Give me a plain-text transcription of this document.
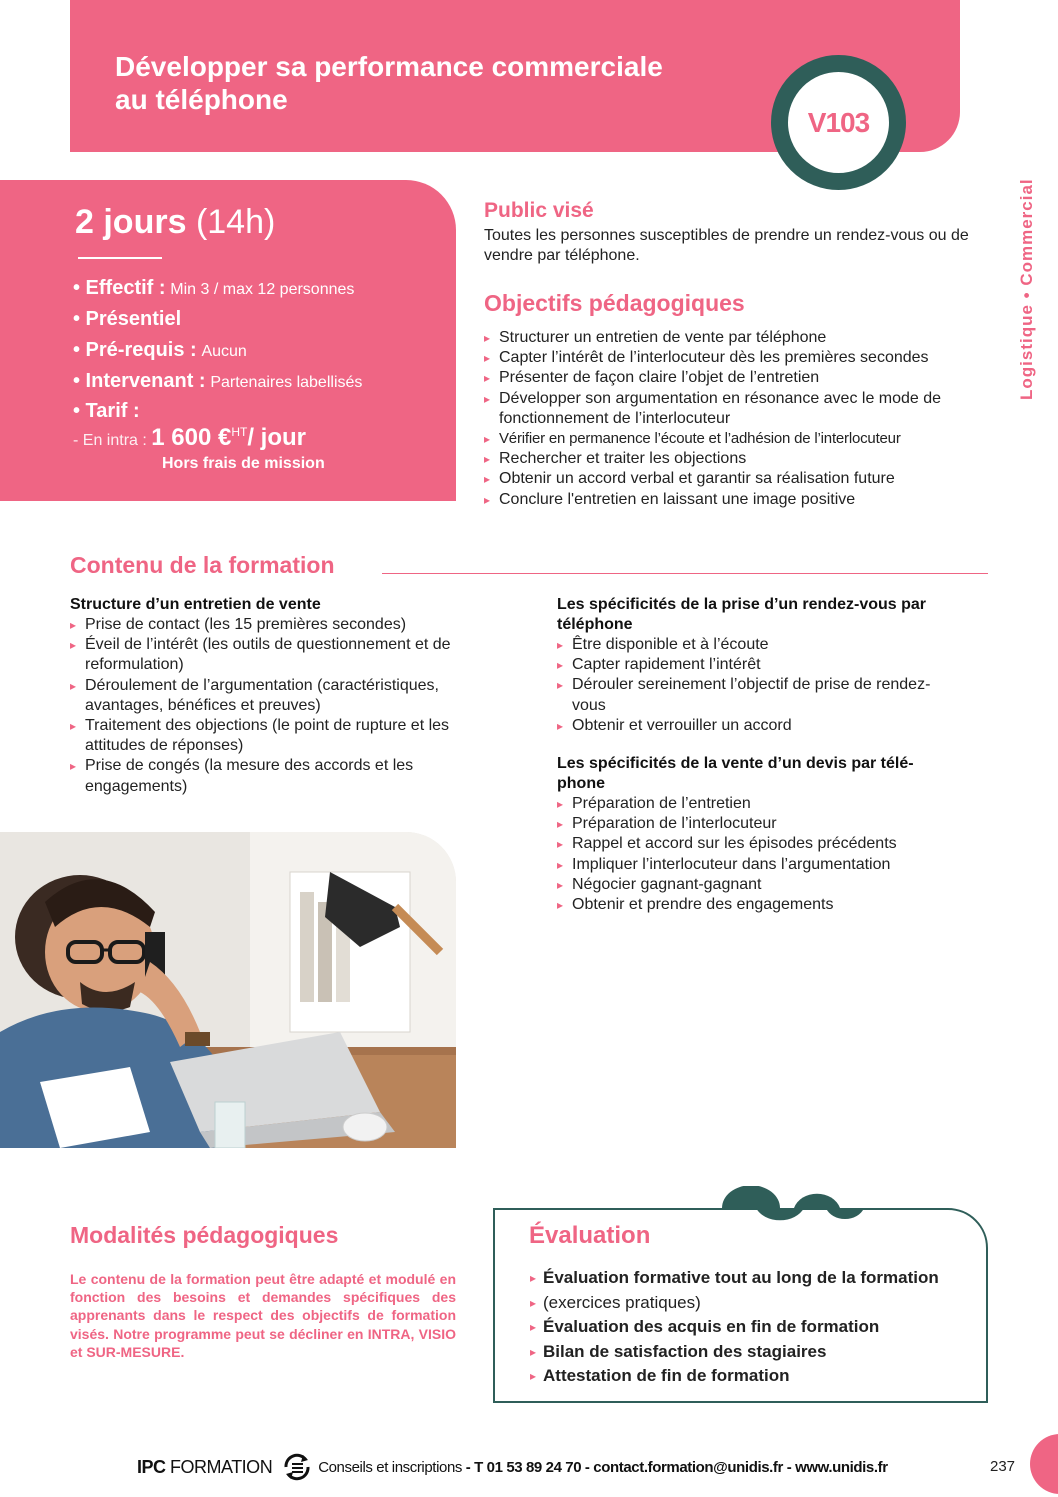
Développer sa performance commerciale
au téléphone
V103
Logistique • Commercial
2 jours (14h)
• Effectif : Min 3 / max 12 personnes
• Présentiel
• Pré-requis : Aucun
• Intervenant : Partenaires labellisés
• Tarif :
- En intra : 1 600 €$^{HT}$/ jour
Hors frais de mission
Public visé
Toutes les personnes susceptibles de prendre un rendez-vous ou de vendre par téléphone.
Objectifs pédagogiques
▸ Structurer un entretien de vente par téléphone
▸ Capter l’intérêt de l’interlocuteur dès les premières secondes
▸ Présenter de façon claire l’objet de l’entretien
▸ Développer son argumentation en résonance avec le mode de fonctionnement de l’interlocuteur
▸ Vérifier en permanence l’écoute et l’adhésion de l’interlocuteur
▸ Rechercher et traiter les objections
▸ Obtenir un accord verbal et garantir sa réalisation future
▸ Conclure l'entretien en laissant une image positive
Contenu de la formation
Structure d’un entretien de vente
▸ Prise de contact (les 15 premières secondes)
▸ Éveil de l’intérêt (les outils de questionnement et de reformulation)
▸ Déroulement de l’argumentation (caractéristiques, avantages, bénéfices et preuves)
▸ Traitement des objections (le point de rupture et les attitudes de réponses)
▸ Prise de congés (la mesure des accords et les engagements)
Les spécificités de la prise d’un rendez-vous par téléphone
▸ Être disponible et à l’écoute
▸ Capter rapidement l’intérêt
▸ Dérouler sereinement l’objectif de prise de rendez-vous
▸ Obtenir et verrouiller un accord
Les spécificités de la vente d’un devis par télé-phone
▸ Préparation de l’entretien
▸ Préparation de l’interlocuteur
▸ Rappel et accord sur les épisodes précédents
▸ Impliquer l’interlocuteur dans l’argumentation
▸ Négocier gagnant-gagnant
▸ Obtenir et prendre des engagements
Modalités pédagogiques
Le contenu de la formation peut être adapté et modulé en fonction des besoins et demandes spécifiques des apprenants dans le respect des objectifs de formation visés. Notre programme peut se décliner en INTRA, VISIO et SUR-MESURE.
Évaluation
▸ Évaluation formative tout au long de la formation
▸ (exercices pratiques)
▸ Évaluation des acquis en fin de formation
▸ Bilan de satisfaction des stagiaires
▸ Attestation de fin de formation
IPC FORMATION	Conseils et inscriptions - T 01 53 89 24 70 - contact.formation@unidis.fr - www.unidis.fr	237
